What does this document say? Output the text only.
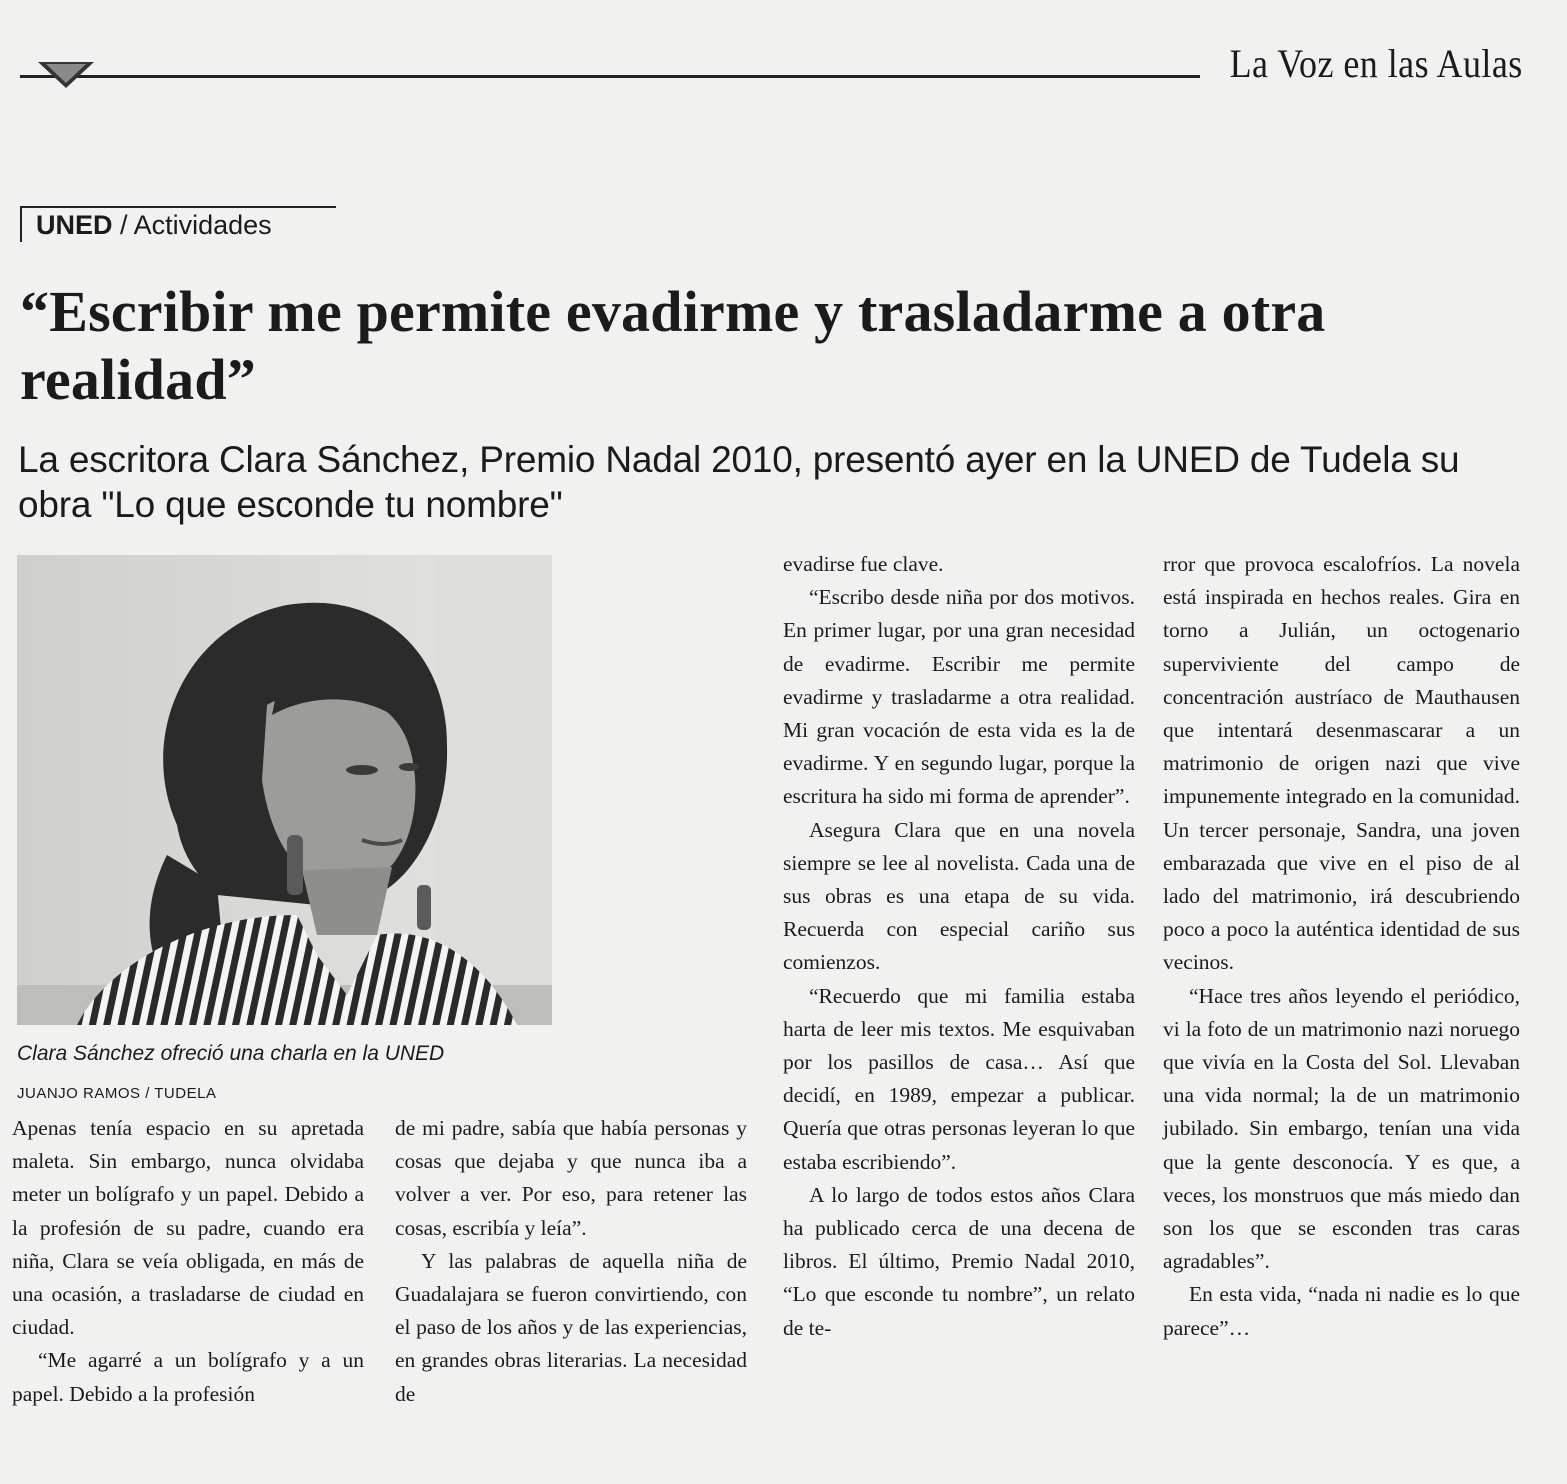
La Voz en las Aulas
UNED / Actividades
“Escribir me permite evadirme y trasladarme a otra realidad”
La escritora Clara Sánchez, Premio Nadal 2010, presentó ayer en la UNED de Tudela su obra "Lo que esconde tu nombre"
Clara Sánchez ofreció una charla en la UNED
JUANJO RAMOS / TUDELA

Apenas tenía espacio en su apretada maleta. Sin embargo, nunca olvidaba meter un bolígrafo y un papel. Debido a la profesión de su padre, cuando era niña, Clara se veía obligada, en más de una ocasión, a trasladarse de ciudad en ciudad.

“Me agarré a un bolígrafo y a un papel. Debido a la profesión

de mi padre, sabía que había personas y cosas que dejaba y que nunca iba a volver a ver. Por eso, para retener las cosas, escribía y leía”.

Y las palabras de aquella niña de Guadalajara se fueron convirtiendo, con el paso de los años y de las experiencias, en grandes obras literarias. La necesidad de

evadirse fue clave.

“Escribo desde niña por dos motivos. En primer lugar, por una gran necesidad de evadirme. Escribir me permite evadirme y trasladarme a otra realidad. Mi gran vocación de esta vida es la de evadirme. Y en segundo lugar, porque la escritura ha sido mi forma de aprender”.

Asegura Clara que en una novela siempre se lee al novelista. Cada una de sus obras es una etapa de su vida. Recuerda con especial cariño sus comienzos.

“Recuerdo que mi familia estaba harta de leer mis textos. Me esquivaban por los pasillos de casa… Así que decidí, en 1989, empezar a publicar. Quería que otras personas leyeran lo que estaba escribiendo”.

A lo largo de todos estos años Clara ha publicado cerca de una decena de libros. El último, Premio Nadal 2010, “Lo que esconde tu nombre”, un relato de te-

rror que provoca escalofríos. La novela está inspirada en hechos reales. Gira en torno a Julián, un octogenario superviviente del campo de concentración austríaco de Mauthausen que intentará desenmascarar a un matrimonio de origen nazi que vive impunemente integrado en la comunidad. Un tercer personaje, Sandra, una joven embarazada que vive en el piso de al lado del matrimonio, irá descubriendo poco a poco la auténtica identidad de sus vecinos.

“Hace tres años leyendo el periódico, vi la foto de un matrimonio nazi noruego que vivía en la Costa del Sol. Llevaban una vida normal; la de un matrimonio jubilado. Sin embargo, tenían una vida que la gente desconocía. Y es que, a veces, los monstruos que más miedo dan son los que se esconden tras caras agradables”.

En esta vida, “nada ni nadie es lo que parece”…
